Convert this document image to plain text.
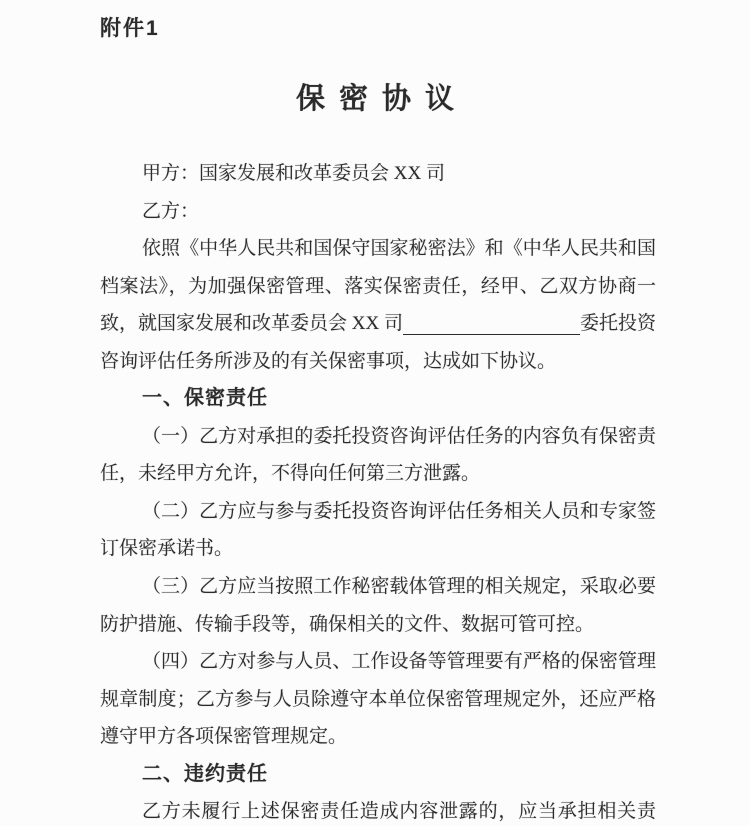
附件1
保密协议
甲方：国家发展和改革委员会 XX 司
乙方：
依照《中华人民共和国保守国家秘密法》和《中华人民共和国
档案法》，为加强保密管理、落实保密责任，经甲、乙双方协商一
致，就国家发展和改革委员会 XX 司	委托投资
咨询评估任务所涉及的有关保密事项，达成如下协议。
一、保密责任
（一）乙方对承担的委托投资咨询评估任务的内容负有保密责
任，未经甲方允许，不得向任何第三方泄露。
（二）乙方应与参与委托投资咨询评估任务相关人员和专家签
订保密承诺书。
（三）乙方应当按照工作秘密载体管理的相关规定，采取必要
防护措施、传输手段等，确保相关的文件、数据可管可控。
（四）乙方对参与人员、工作设备等管理要有严格的保密管理
规章制度；乙方参与人员除遵守本单位保密管理规定外，还应严格
遵守甲方各项保密管理规定。
二、违约责任
乙方未履行上述保密责任造成内容泄露的，应当承担相关责
